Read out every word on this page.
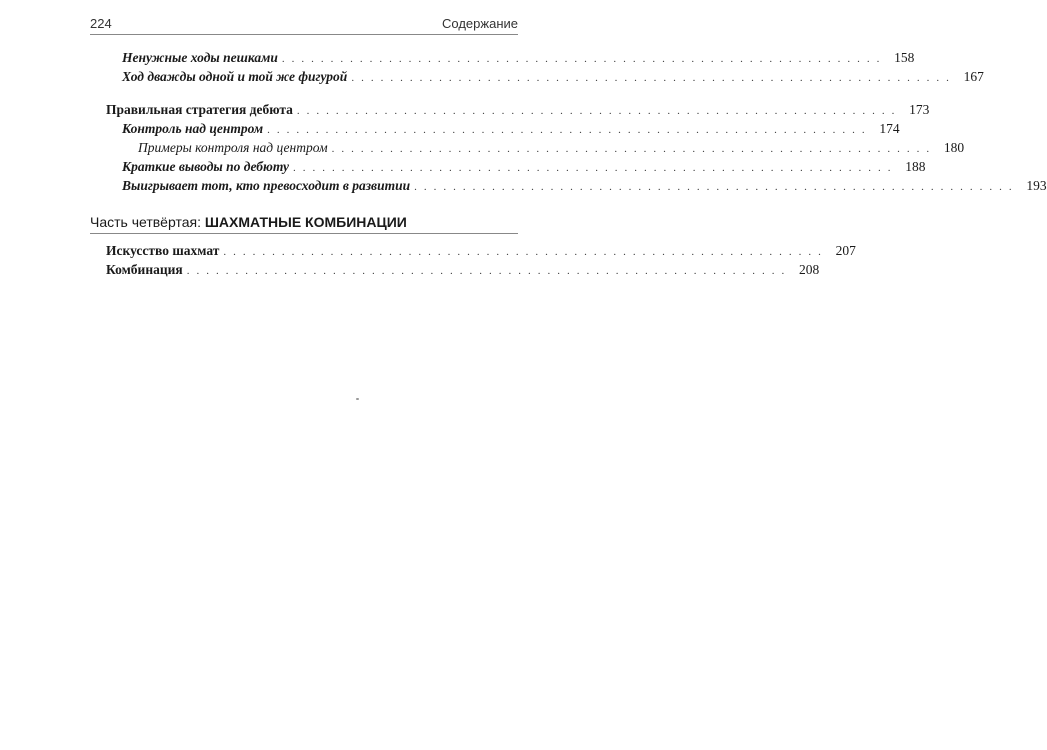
224	Содержание
Ненужные ходы пешками .............................................................. 158
Ход дважды одной и той же фигурой .............................................................. 167
Правильная стратегия дебюта .............................................................. 173
Контроль над центром .............................................................. 174
Примеры контроля над центром .............................................................. 180
Краткие выводы по дебюту .............................................................. 188
Выигрывает тот, кто превосходит в развитии .............................................................. 193
Часть четвёртая: ШАХМАТНЫЕ КОМБИНАЦИИ
Искусство шахмат .............................................................. 207
Комбинация .............................................................. 208
